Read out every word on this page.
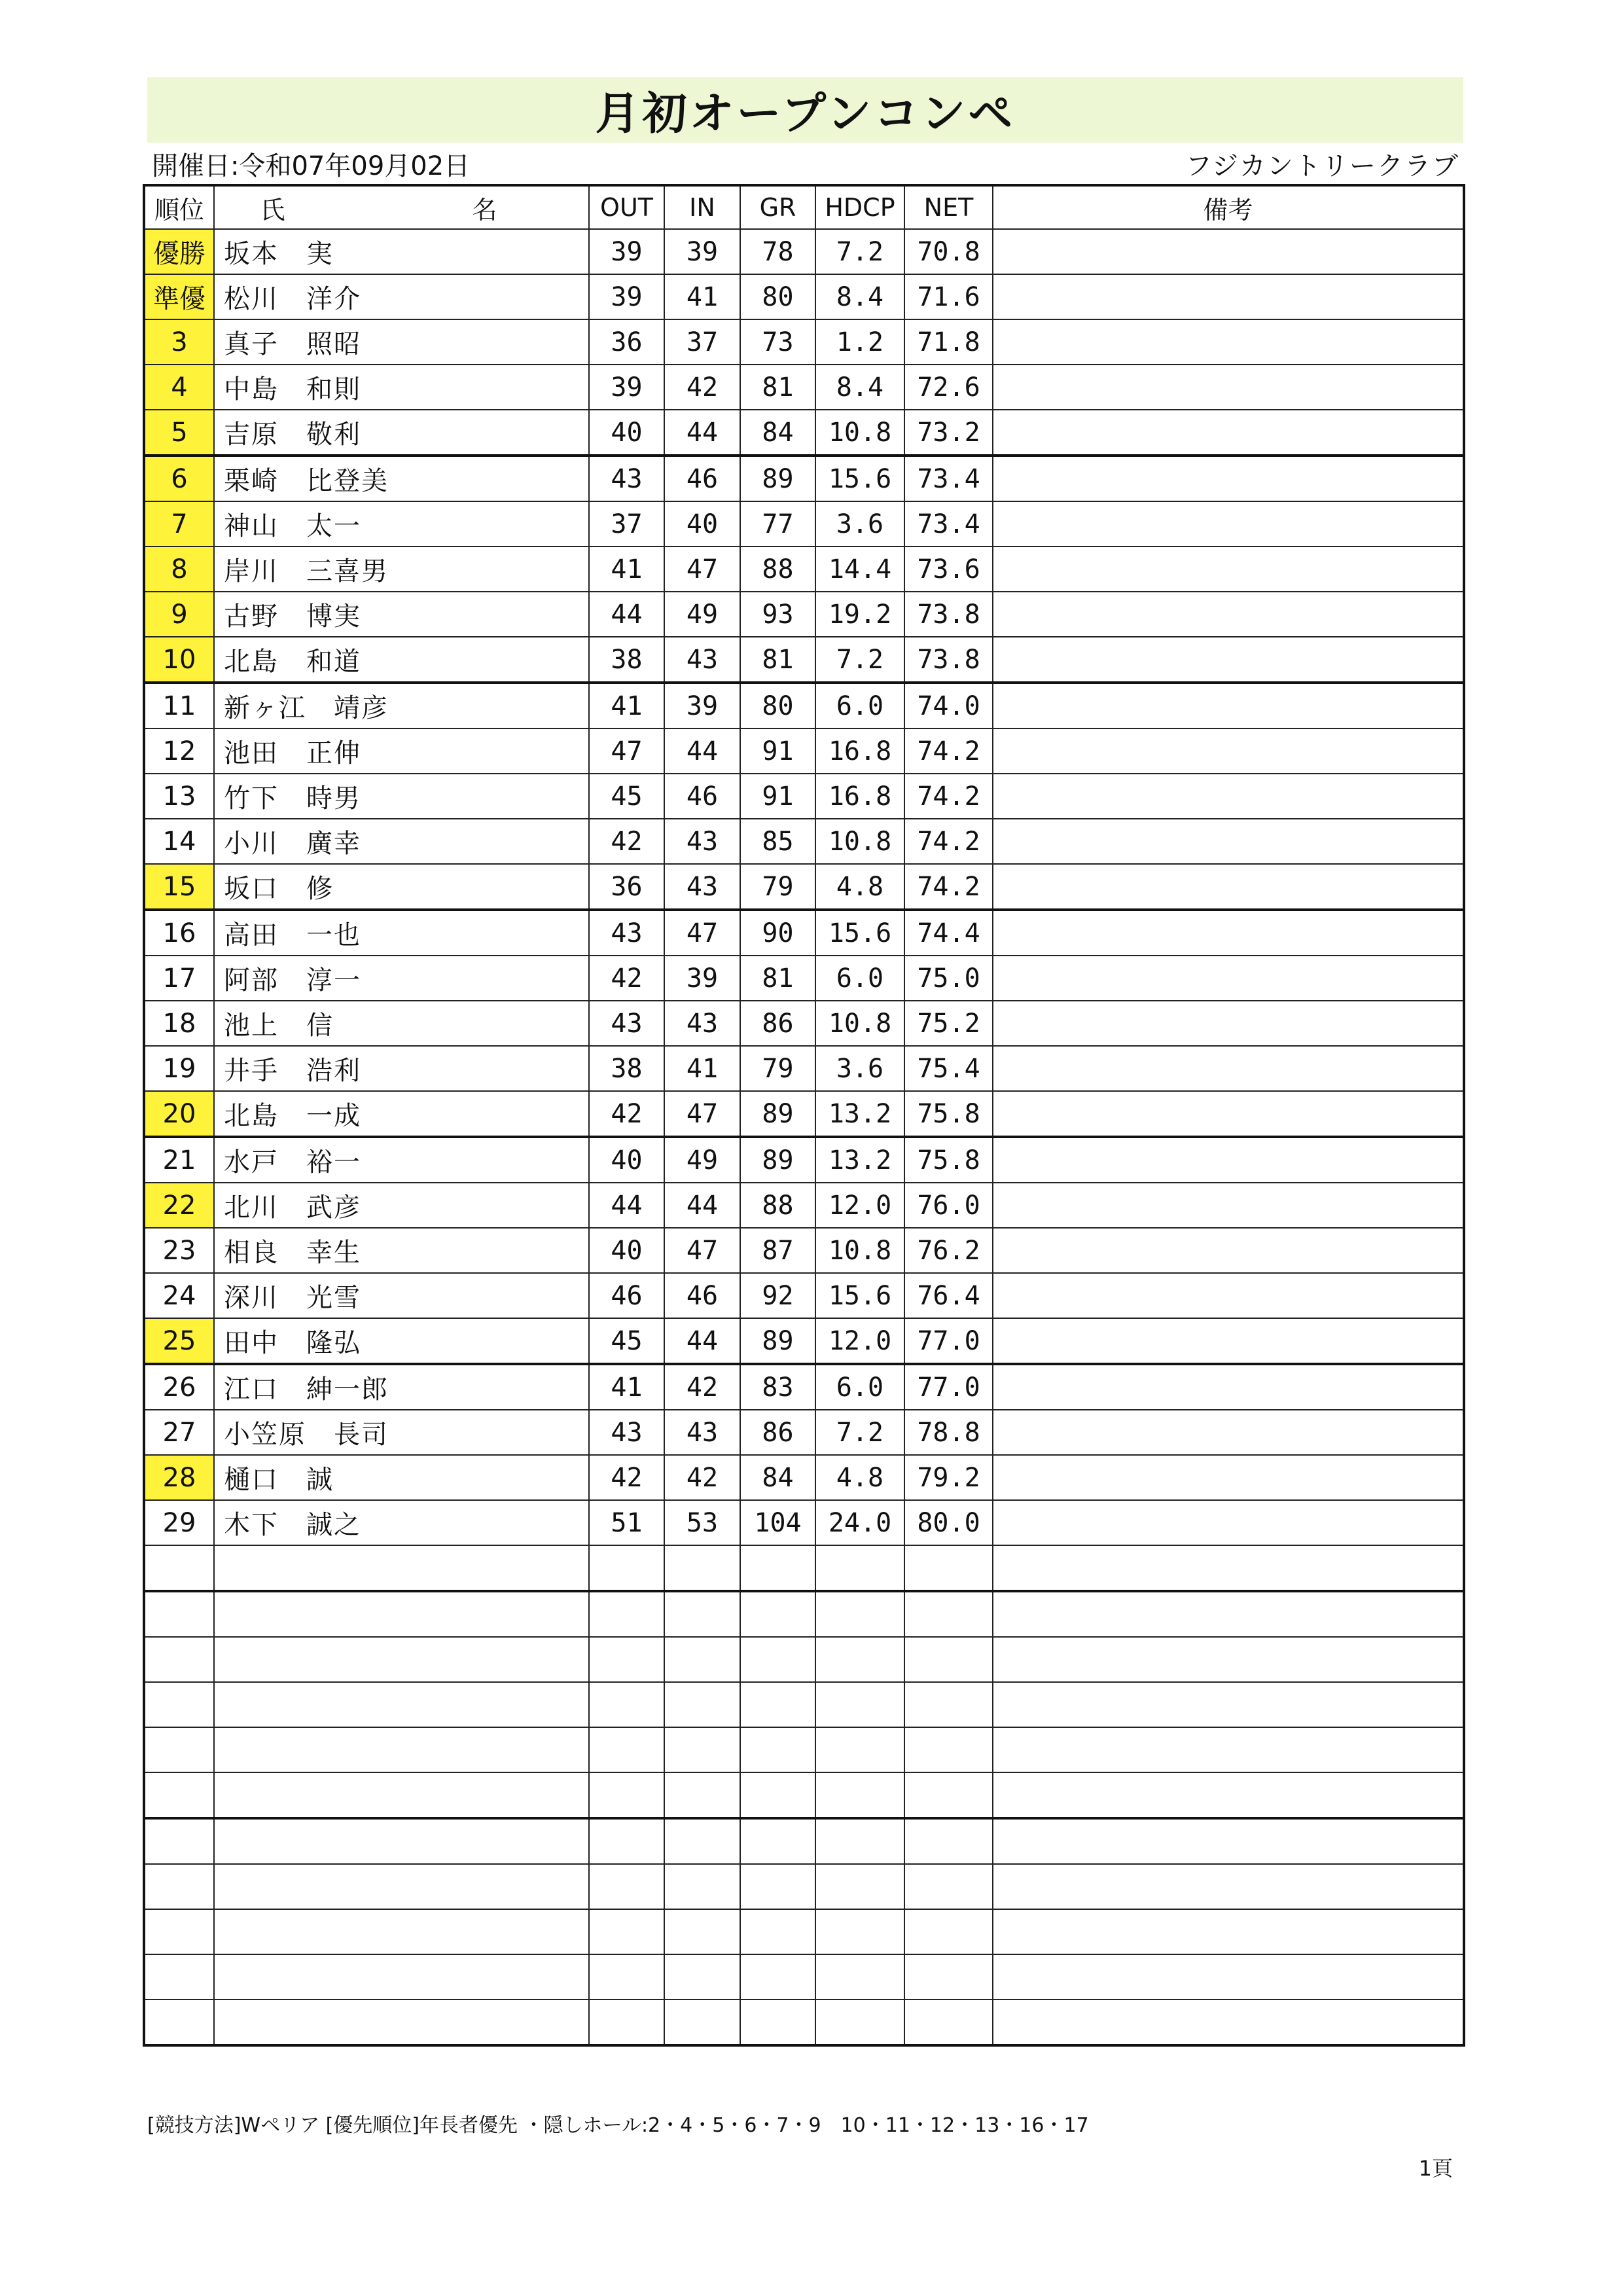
月初オープンコンペ
開催日:令和07年09月02日	フジカントリークラブ
順位	氏　　名	OUT	IN	GR	HDCP	NET	備考
優勝	坂本　実	39	39	78	7.2	70.8	
準優	松川　洋介	39	41	80	8.4	71.6	
3	真子　照昭	36	37	73	1.2	71.8	
4	中島　和則	39	42	81	8.4	72.6	
5	吉原　敬利	40	44	84	10.8	73.2	
6	栗崎　比登美	43	46	89	15.6	73.4	
7	神山　太一	37	40	77	3.6	73.4	
8	岸川　三喜男	41	47	88	14.4	73.6	
9	古野　博実	44	49	93	19.2	73.8	
10	北島　和道	38	43	81	7.2	73.8	
11	新ヶ江　靖彦	41	39	80	6.0	74.0	
12	池田　正伸	47	44	91	16.8	74.2	
13	竹下　時男	45	46	91	16.8	74.2	
14	小川　廣幸	42	43	85	10.8	74.2	
15	坂口　修	36	43	79	4.8	74.2	
16	高田　一也	43	47	90	15.6	74.4	
17	阿部　淳一	42	39	81	6.0	75.0	
18	池上　信	43	43	86	10.8	75.2	
19	井手　浩利	38	41	79	3.6	75.4	
20	北島　一成	42	47	89	13.2	75.8	
21	水戸　裕一	40	49	89	13.2	75.8	
22	北川　武彦	44	44	88	12.0	76.0	
23	相良　幸生	40	47	87	10.8	76.2	
24	深川　光雪	46	46	92	15.6	76.4	
25	田中　隆弘	45	44	89	12.0	77.0	
26	江口　紳一郎	41	42	83	6.0	77.0	
27	小笠原　長司	43	43	86	7.2	78.8	
28	樋口　誠	42	42	84	4.8	79.2	
29	木下　誠之	51	53	104	24.0	80.0	

[競技方法]Wペリア [優先順位]年長者優先 ・隠しホール:2・4・5・6・7・9　10・11・12・13・16・17
1頁
